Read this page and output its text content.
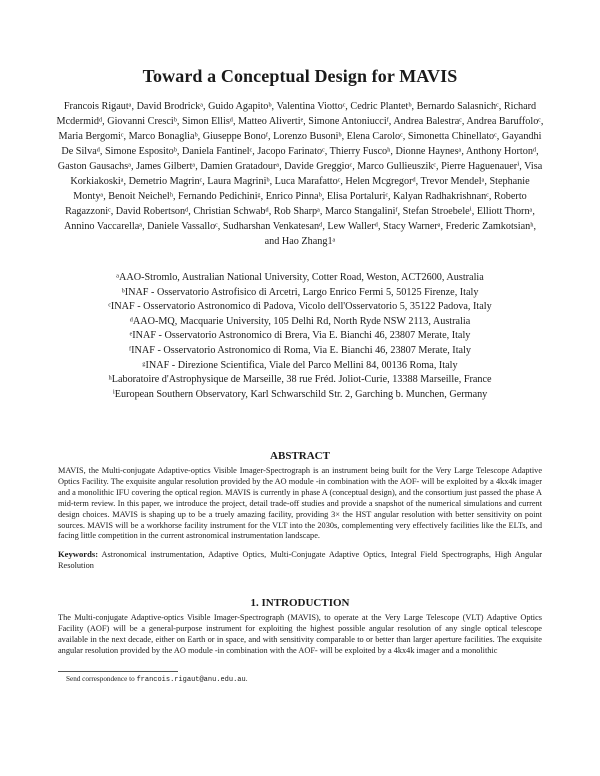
Toward a Conceptual Design for MAVIS
Francois Rigautᵃ, David Brodrickᵃ, Guido Agapitoᵇ, Valentina Viottoᶜ, Cedric Plantetᵇ, Bernardo Salasnichᶜ, Richard Mcdermidᵈ, Giovanni Cresciᵇ, Simon Ellisᵈ, Matteo Alivertiᵉ, Simone Antoniucciᶠ, Andrea Balestraᶜ, Andrea Baruffoloᶜ, Maria Bergomiᶜ, Marco Bonagliaᵇ, Giuseppe Bonoᶠ, Lorenzo Busoniᵇ, Elena Caroloᶜ, Simonetta Chinellatoᶜ, Gayandhi De Silvaᵈ, Simone Espositoᵇ, Daniela Fantinelᶜ, Jacopo Farinatoᶜ, Thierry Fuscoʰ, Dionne Haynesᵃ, Anthony Hortonᵈ, Gaston Gausachsᵃ, James Gilbertᵃ, Damien Gratadourᵃ, Davide Greggioᶜ, Marco Gullieuszikᶜ, Pierre Haguenauerⁱ, Visa Korkiakoskiᵃ, Demetrio Magrinᶜ, Laura Magriniᵇ, Luca Marafattoᶜ, Helen Mcgregorᵈ, Trevor Mendelᵃ, Stephanie Montyᵃ, Benoit Neichelʰ, Fernando Pedichiniᵍ, Enrico Pinnaᵇ, Elisa Portaluriᶜ, Kalyan Radhakrishnanᶜ, Roberto Ragazzoniᶜ, David Robertsonᵈ, Christian Schwabᵈ, Rob Sharpᵃ, Marco Stangaliniᶠ, Stefan Stroebeleⁱ, Elliott Thornᵃ, Annino Vaccarellaᵃ, Daniele Vassalloᶜ, Sudharshan Venkatesanᵈ, Lew Wallerᵈ, Stacy Warnerᵃ, Frederic Zamkotsianʰ, and Hao Zhang1ᵃ
ᵃAAO-Stromlo, Australian National University, Cotter Road, Weston, ACT2600, Australia
ᵇINAF - Osservatorio Astrofisico di Arcetri, Largo Enrico Fermi 5, 50125 Firenze, Italy
ᶜINAF - Osservatorio Astronomico di Padova, Vicolo dell'Osservatorio 5, 35122 Padova, Italy
ᵈAAO-MQ, Macquarie University, 105 Delhi Rd, North Ryde NSW 2113, Australia
ᵉINAF - Osservatorio Astronomico di Brera, Via E. Bianchi 46, 23807 Merate, Italy
ᶠINAF - Osservatorio Astronomico di Roma, Via E. Bianchi 46, 23807 Merate, Italy
ᵍINAF - Direzione Scientifica, Viale del Parco Mellini 84, 00136 Roma, Italy
ʰLaboratoire d'Astrophysique de Marseille, 38 rue Fréd. Joliot-Curie, 13388 Marseille, France
ⁱEuropean Southern Observatory, Karl Schwarschild Str. 2, Garching b. Munchen, Germany
ABSTRACT
MAVIS, the Multi-conjugate Adaptive-optics Visible Imager-Spectrograph is an instrument being built for the Very Large Telescope Adaptive Optics Facility. The exquisite angular resolution provided by the AO module -in combination with the AOF- will be exploited by a 4kx4k imager and a monolithic IFU covering the optical region. MAVIS is currently in phase A (conceptual design), and the consortium just passed the phase A mid-term review. In this paper, we introduce the project, detail trade-off studies and provide a snapshot of the numerical simulations and current design choices. MAVIS is shaping up to be a truely amazing facility, providing 3× the HST angular resolution with better sensitivity on point sources. MAVIS will be a workhorse facility instrument for the VLT into the 2030s, complementing very effectively facilities like the ELTs, and facing little competition in the current astronomical instrumentation landscape.
Keywords: Astronomical instrumentation, Adaptive Optics, Multi-Conjugate Adaptive Optics, Integral Field Spectrographs, High Angular Resolution
1. INTRODUCTION
The Multi-conjugate Adaptive-optics Visible Imager-Spectrograph (MAVIS), to operate at the Very Large Telescope (VLT) Adaptive Optics Facility (AOF) will be a general-purpose instrument for exploiting the highest possible angular resolution of any single optical telescope available in the next decade, either on Earth or in space, and with sensitivity comparable to or better than larger aperture facilities. The exquisite angular resolution provided by the AO module -in combination with the AOF- will be exploited by a 4kx4k imager and a monolithic
Send correspondence to francois.rigaut@anu.edu.au.
